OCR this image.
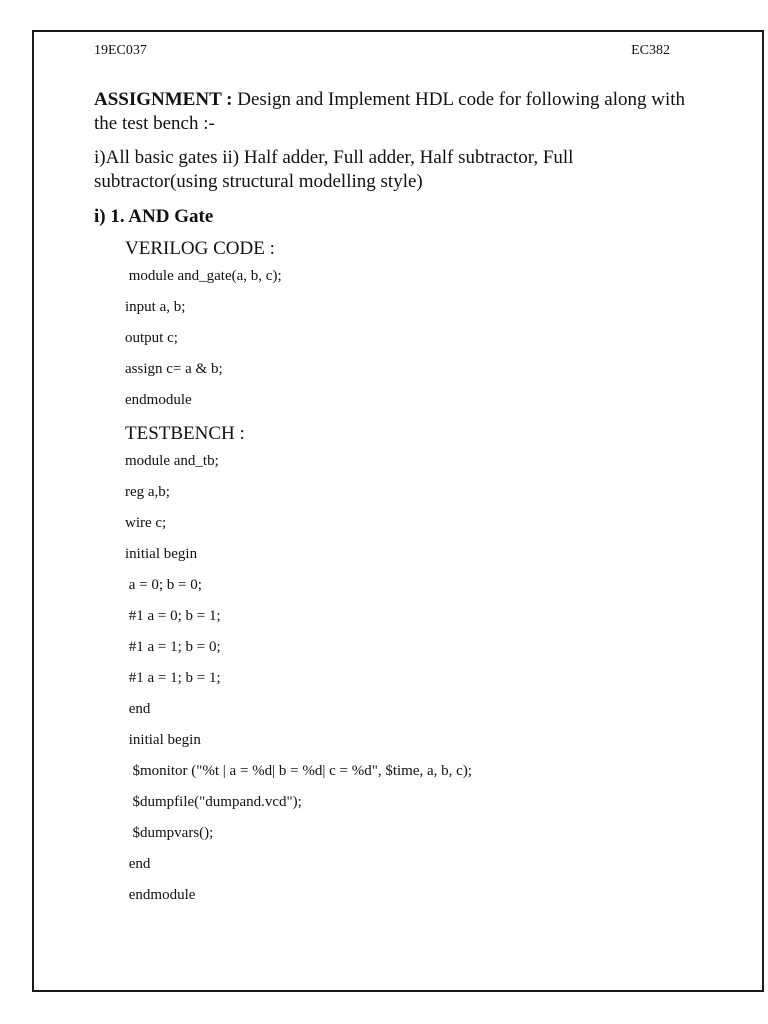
19EC037	EC382

ASSIGNMENT : Design and Implement HDL code for following along with the test bench :-

i)All basic gates ii) Half adder, Full adder, Half subtractor, Full subtractor(using structural modelling style)

i) 1. AND Gate

VERILOG CODE :

module and_gate(a, b, c);

input a, b;

output c;

assign c= a & b;

endmodule

TESTBENCH :

module and_tb;

reg a,b;

wire c;

initial begin

a = 0; b = 0;

#1 a = 0; b = 1;

#1 a = 1; b = 0;

#1 a = 1; b = 1;

end

initial begin

$monitor ("%t | a = %d| b = %d| c = %d", $time, a, b, c);

$dumpfile("dumpand.vcd");

$dumpvars();

end

endmodule
